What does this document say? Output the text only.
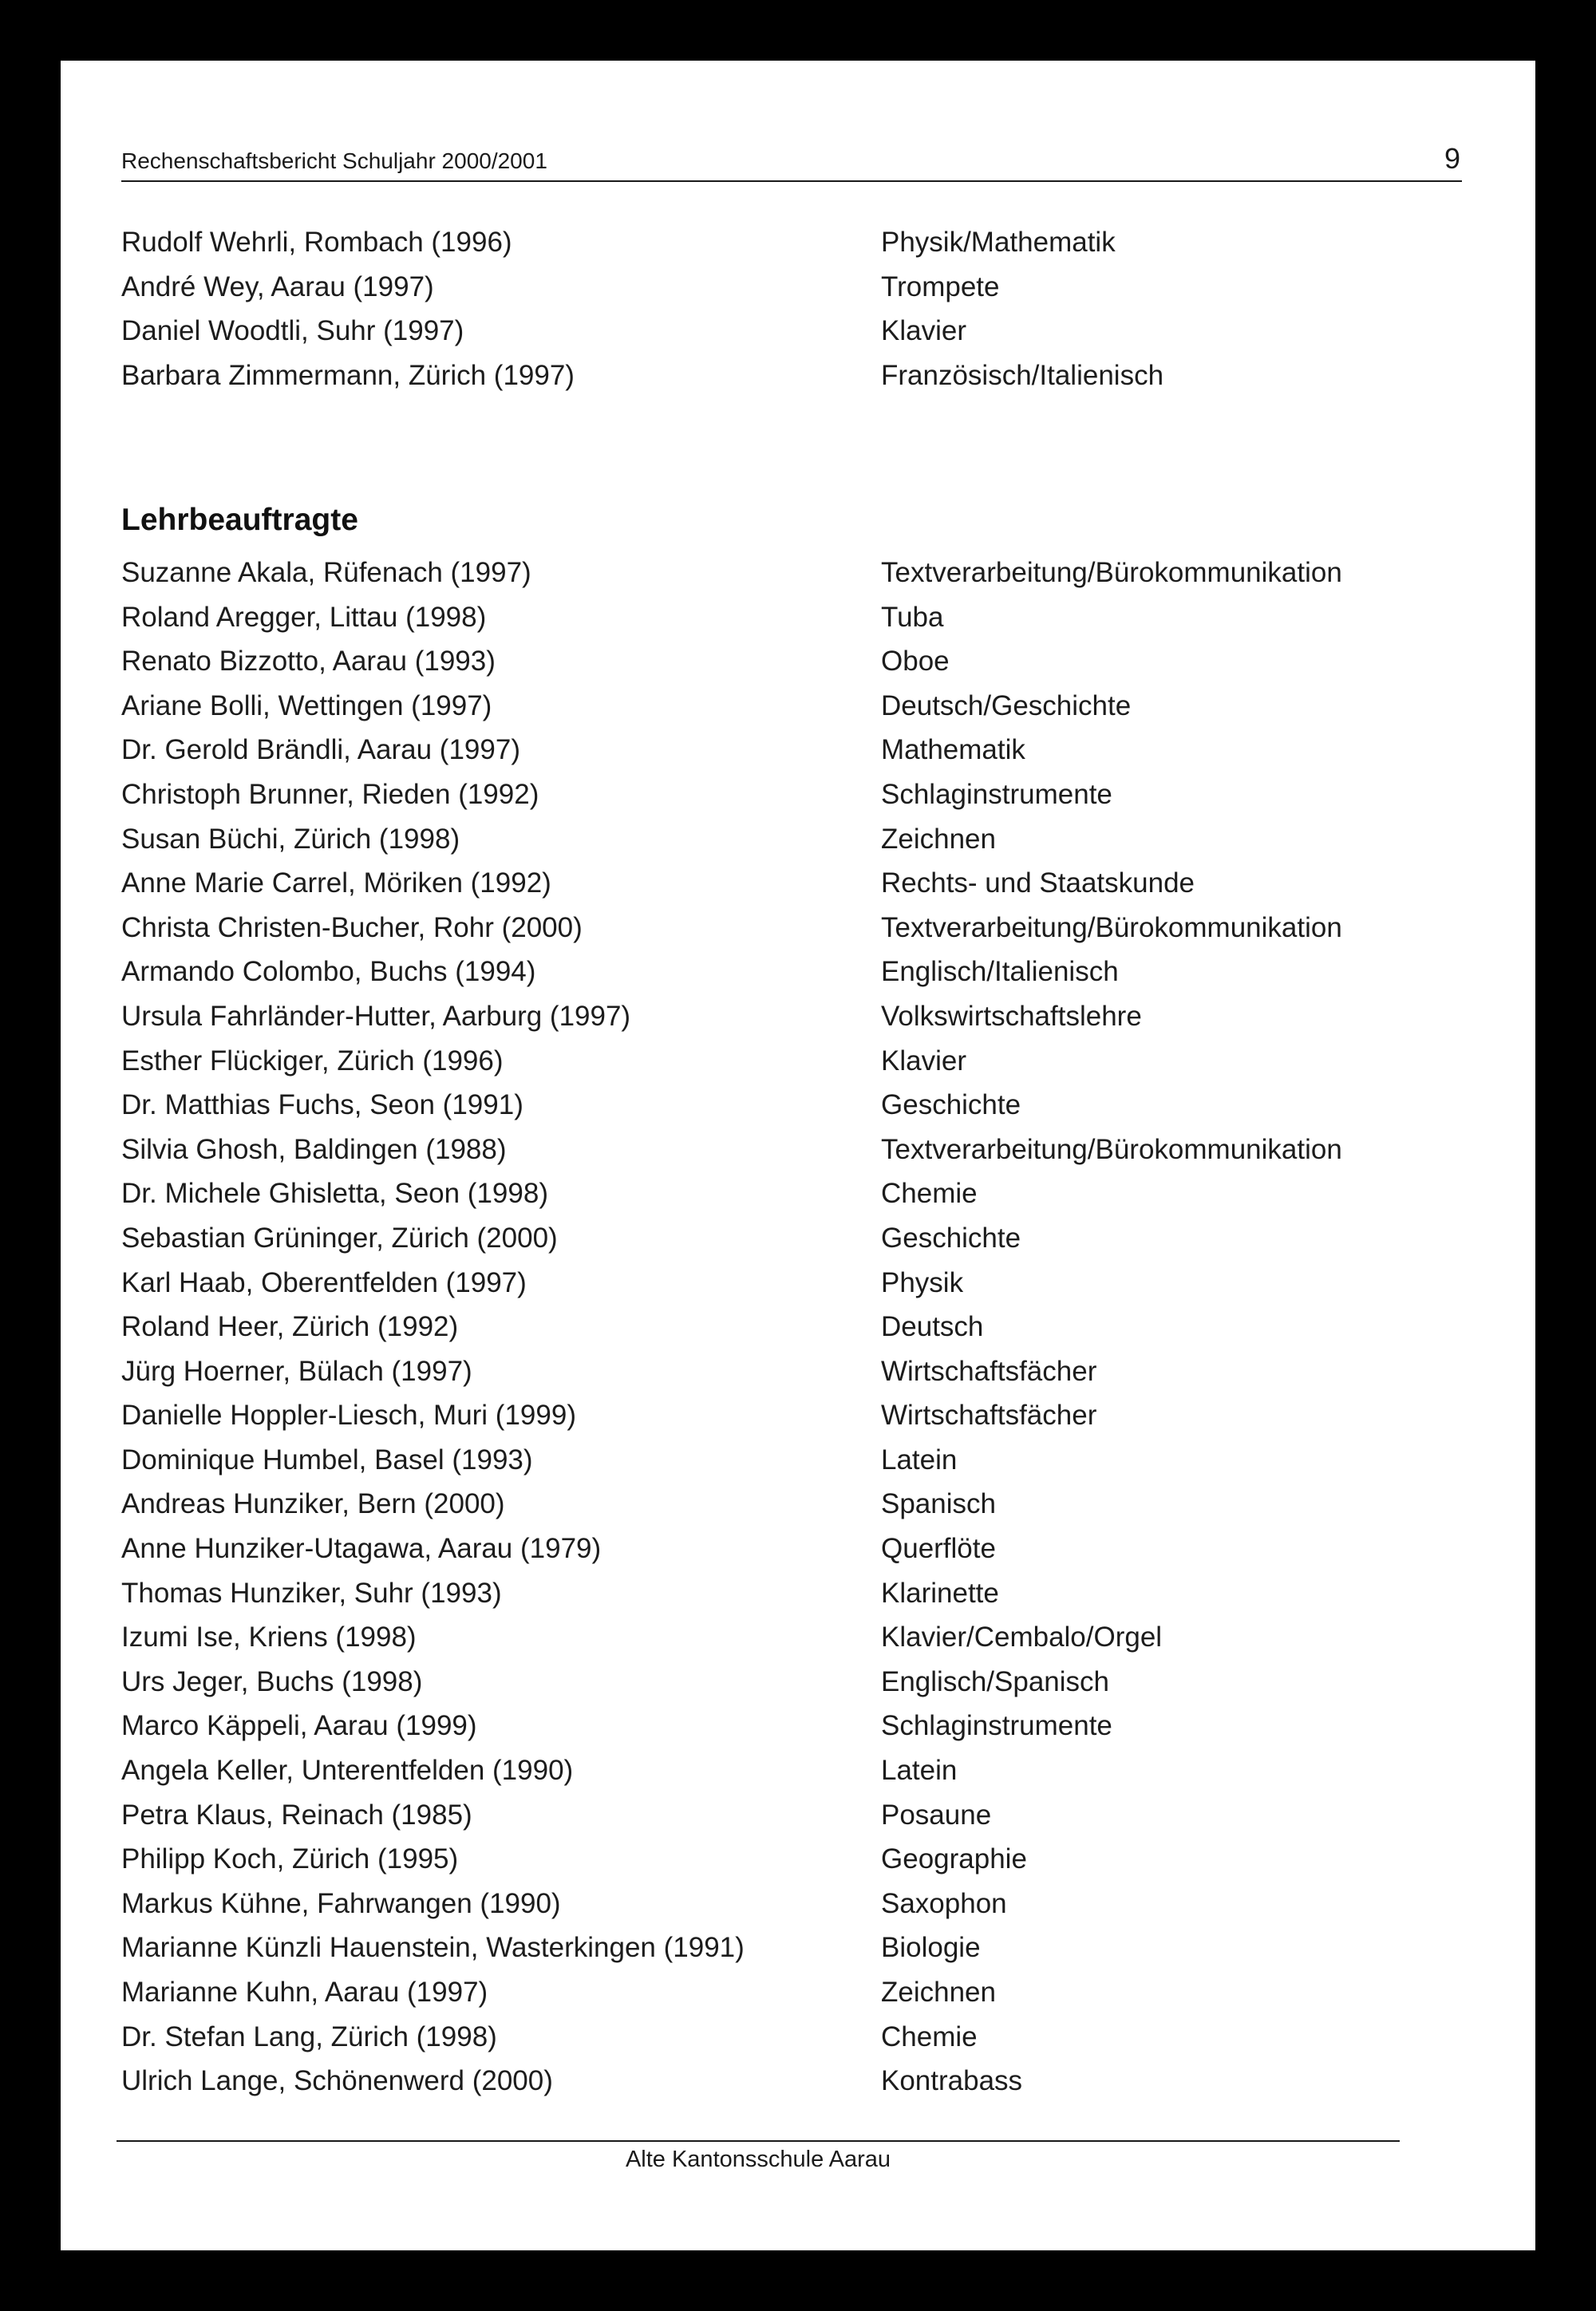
Rechenschaftsbericht Schuljahr 2000/2001	9
Rudolf Wehrli, Rombach (1996)	Physik/Mathematik
André Wey, Aarau (1997)	Trompete
Daniel Woodtli, Suhr (1997)	Klavier
Barbara Zimmermann, Zürich (1997)	Französisch/Italienisch
Lehrbeauftragte
Suzanne Akala, Rüfenach (1997)	Textverarbeitung/Bürokommunikation
Roland Aregger, Littau (1998)	Tuba
Renato Bizzotto, Aarau (1993)	Oboe
Ariane Bolli, Wettingen (1997)	Deutsch/Geschichte
Dr. Gerold Brändli, Aarau (1997)	Mathematik
Christoph Brunner, Rieden (1992)	Schlaginstrumente
Susan Büchi, Zürich (1998)	Zeichnen
Anne Marie Carrel, Möriken (1992)	Rechts- und Staatskunde
Christa Christen-Bucher, Rohr (2000)	Textverarbeitung/Bürokommunikation
Armando Colombo, Buchs (1994)	Englisch/Italienisch
Ursula Fahrländer-Hutter, Aarburg (1997)	Volkswirtschaftslehre
Esther Flückiger, Zürich (1996)	Klavier
Dr. Matthias Fuchs, Seon (1991)	Geschichte
Silvia Ghosh, Baldingen (1988)	Textverarbeitung/Bürokommunikation
Dr. Michele Ghisletta, Seon (1998)	Chemie
Sebastian Grüninger, Zürich (2000)	Geschichte
Karl Haab, Oberentfelden (1997)	Physik
Roland Heer, Zürich (1992)	Deutsch
Jürg Hoerner, Bülach (1997)	Wirtschaftsfächer
Danielle Hoppler-Liesch, Muri (1999)	Wirtschaftsfächer
Dominique Humbel, Basel (1993)	Latein
Andreas Hunziker, Bern (2000)	Spanisch
Anne Hunziker-Utagawa, Aarau (1979)	Querflöte
Thomas Hunziker, Suhr (1993)	Klarinette
Izumi Ise, Kriens (1998)	Klavier/Cembalo/Orgel
Urs Jeger, Buchs (1998)	Englisch/Spanisch
Marco Käppeli, Aarau (1999)	Schlaginstrumente
Angela Keller, Unterentfelden (1990)	Latein
Petra Klaus, Reinach (1985)	Posaune
Philipp Koch, Zürich (1995)	Geographie
Markus Kühne, Fahrwangen (1990)	Saxophon
Marianne Künzli Hauenstein, Wasterkingen (1991)	Biologie
Marianne Kuhn, Aarau (1997)	Zeichnen
Dr. Stefan Lang, Zürich (1998)	Chemie
Ulrich Lange, Schönenwerd (2000)	Kontrabass
Alte Kantonsschule Aarau
